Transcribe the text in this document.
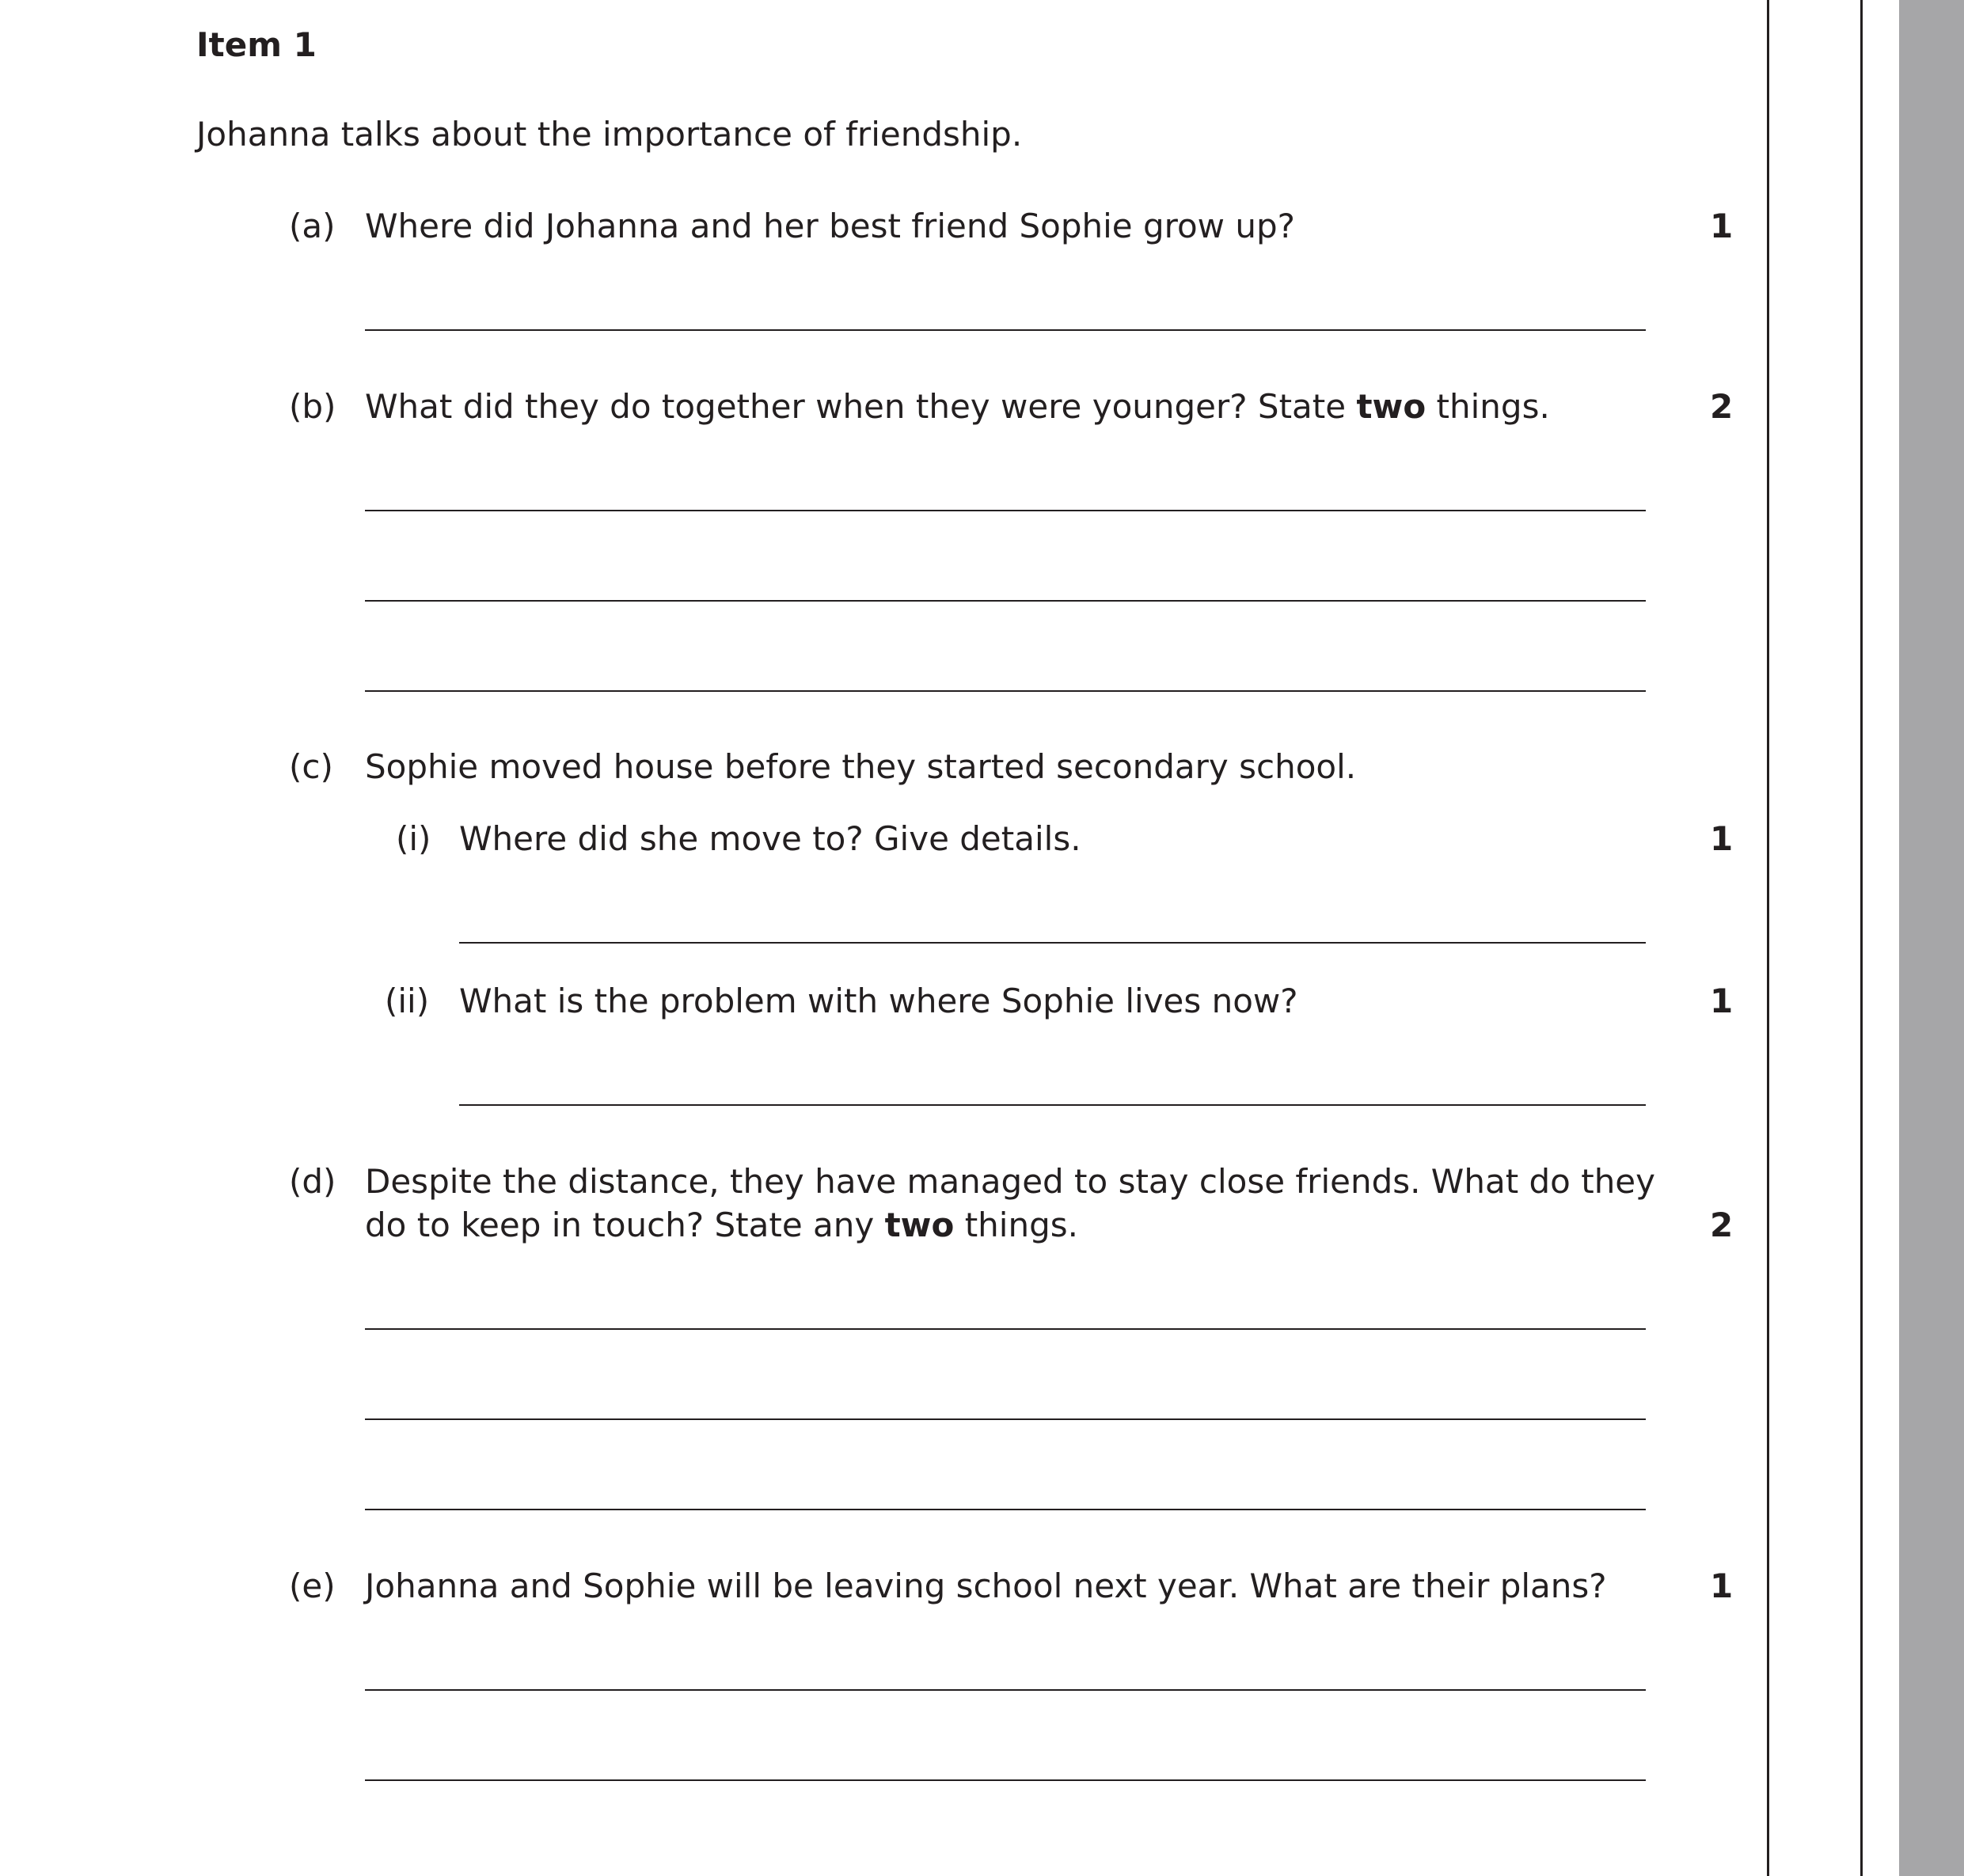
Item 1
Johanna talks about the importance of friendship.
(a) Where did Johanna and her best friend Sophie grow up?	1
(b) What did they do together when they were younger? State two things.	2
(c) Sophie moved house before they started secondary school.
(i) Where did she move to? Give details.	1
(ii) What is the problem with where Sophie lives now?	1
(d) Despite the distance, they have managed to stay close friends. What do they
do to keep in touch? State any two things.	2
(e) Johanna and Sophie will be leaving school next year. What are their plans?	1
